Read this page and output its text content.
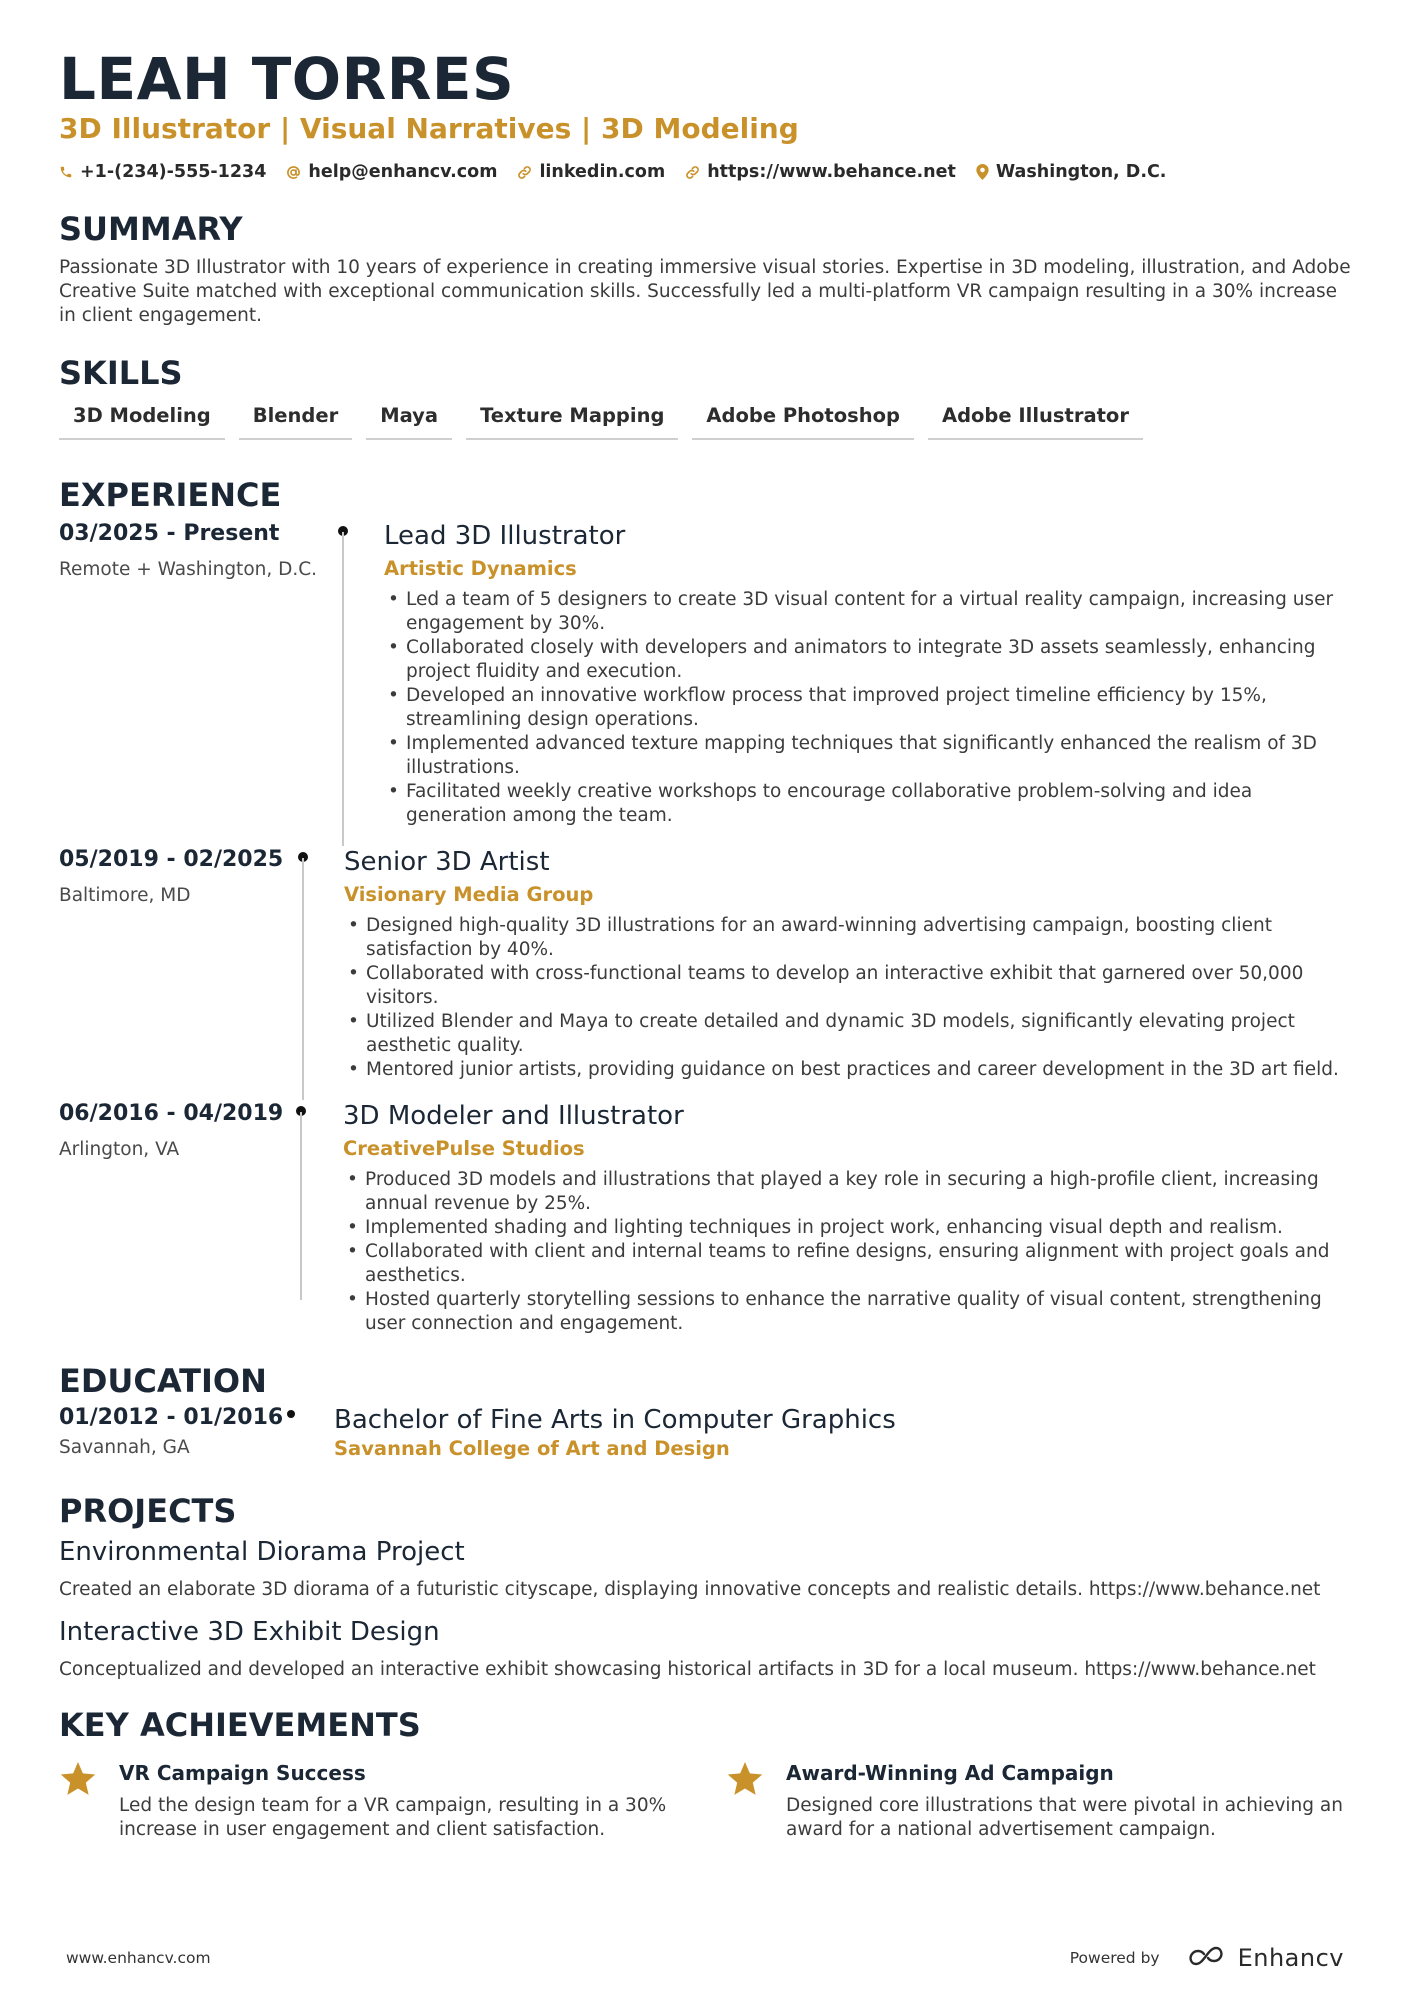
LEAH TORRES
3D Illustrator | Visual Narratives | 3D Modeling
+1-(234)-555-1234 help@enhancv.com linkedin.com https://www.behance.net Washington, D.C.
SUMMARY
Passionate 3D Illustrator with 10 years of experience in creating immersive visual stories. Expertise in 3D modeling, illustration, and Adobe Creative Suite matched with exceptional communication skills. Successfully led a multi-platform VR campaign resulting in a 30% increase in client engagement.
SKILLS
3D Modeling	Blender	Maya	Texture Mapping	Adobe Photoshop	Adobe Illustrator
EXPERIENCE
03/2025 - Present
Remote + Washington, D.C.
Lead 3D Illustrator
Artistic Dynamics
• Led a team of 5 designers to create 3D visual content for a virtual reality campaign, increasing user engagement by 30%.
• Collaborated closely with developers and animators to integrate 3D assets seamlessly, enhancing project fluidity and execution.
• Developed an innovative workflow process that improved project timeline efficiency by 15%, streamlining design operations.
• Implemented advanced texture mapping techniques that significantly enhanced the realism of 3D illustrations.
• Facilitated weekly creative workshops to encourage collaborative problem-solving and idea generation among the team.
05/2019 - 02/2025
Baltimore, MD
Senior 3D Artist
Visionary Media Group
• Designed high-quality 3D illustrations for an award-winning advertising campaign, boosting client satisfaction by 40%.
• Collaborated with cross-functional teams to develop an interactive exhibit that garnered over 50,000 visitors.
• Utilized Blender and Maya to create detailed and dynamic 3D models, significantly elevating project aesthetic quality.
• Mentored junior artists, providing guidance on best practices and career development in the 3D art field.
06/2016 - 04/2019
Arlington, VA
3D Modeler and Illustrator
CreativePulse Studios
• Produced 3D models and illustrations that played a key role in securing a high-profile client, increasing annual revenue by 25%.
• Implemented shading and lighting techniques in project work, enhancing visual depth and realism.
• Collaborated with client and internal teams to refine designs, ensuring alignment with project goals and aesthetics.
• Hosted quarterly storytelling sessions to enhance the narrative quality of visual content, strengthening user connection and engagement.
EDUCATION
01/2012 - 01/2016
Savannah, GA
Bachelor of Fine Arts in Computer Graphics
Savannah College of Art and Design
PROJECTS
Environmental Diorama Project
Created an elaborate 3D diorama of a futuristic cityscape, displaying innovative concepts and realistic details. https://www.behance.net
Interactive 3D Exhibit Design
Conceptualized and developed an interactive exhibit showcasing historical artifacts in 3D for a local museum. https://www.behance.net
KEY ACHIEVEMENTS
VR Campaign Success
Led the design team for a VR campaign, resulting in a 30% increase in user engagement and client satisfaction.
Award-Winning Ad Campaign
Designed core illustrations that were pivotal in achieving an award for a national advertisement campaign.
www.enhancv.com	Powered by	Enhancv
